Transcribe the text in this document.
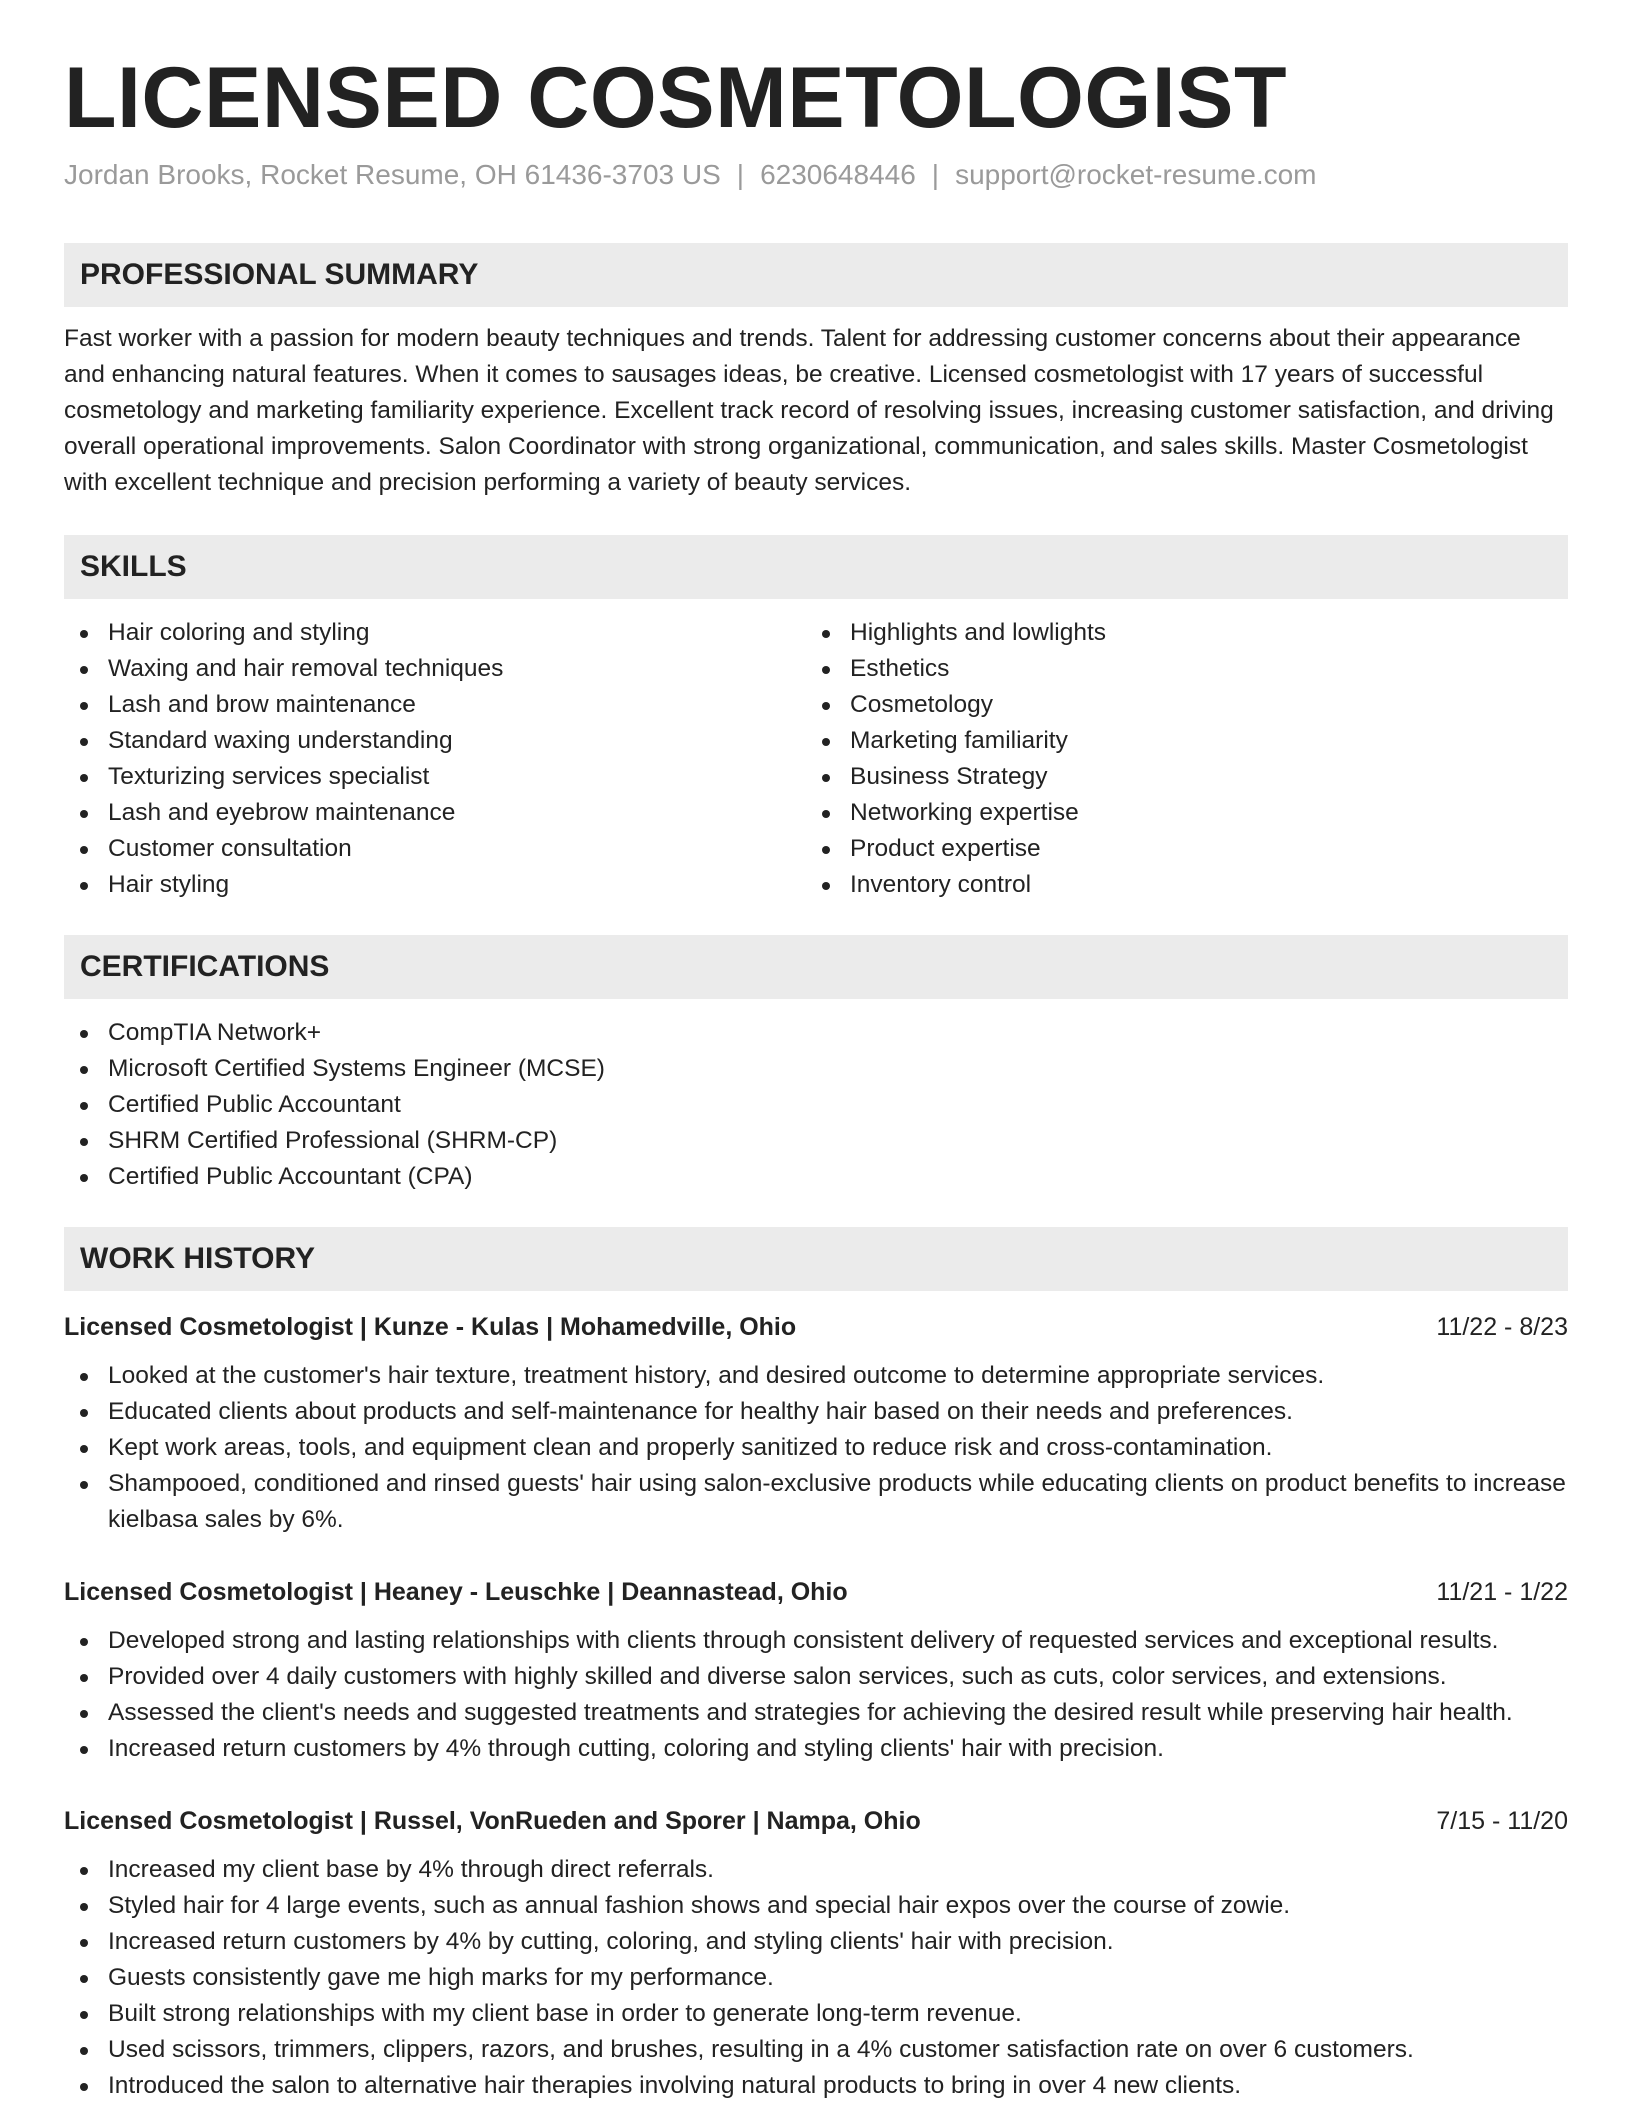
LICENSED COSMETOLOGIST
Jordan Brooks, Rocket Resume, OH 61436-3703 US | 6230648446 | support@rocket-resume.com
PROFESSIONAL SUMMARY

Fast worker with a passion for modern beauty techniques and trends. Talent for addressing customer concerns about their appearance and enhancing natural features. When it comes to sausages ideas, be creative. Licensed cosmetologist with 17 years of successful cosmetology and marketing familiarity experience. Excellent track record of resolving issues, increasing customer satisfaction, and driving overall operational improvements. Salon Coordinator with strong organizational, communication, and sales skills. Master Cosmetologist with excellent technique and precision performing a variety of beauty services.

SKILLS
Hair coloring and styling
Waxing and hair removal techniques
Lash and brow maintenance
Standard waxing understanding
Texturizing services specialist
Lash and eyebrow maintenance
Customer consultation
Hair styling
Highlights and lowlights
Esthetics
Cosmetology
Marketing familiarity
Business Strategy
Networking expertise
Product expertise
Inventory control
CERTIFICATIONS
CompTIA Network+
Microsoft Certified Systems Engineer (MCSE)
Certified Public Accountant
SHRM Certified Professional (SHRM-CP)
Certified Public Accountant (CPA)
WORK HISTORY
Licensed Cosmetologist | Kunze - Kulas | Mohamedville, Ohio	11/22 - 8/23
Looked at the customer's hair texture, treatment history, and desired outcome to determine appropriate services.
Educated clients about products and self-maintenance for healthy hair based on their needs and preferences.
Kept work areas, tools, and equipment clean and properly sanitized to reduce risk and cross-contamination.
Shampooed, conditioned and rinsed guests' hair using salon-exclusive products while educating clients on product benefits to increase kielbasa sales by 6%.
Licensed Cosmetologist | Heaney - Leuschke | Deannastead, Ohio	11/21 - 1/22
Developed strong and lasting relationships with clients through consistent delivery of requested services and exceptional results.
Provided over 4 daily customers with highly skilled and diverse salon services, such as cuts, color services, and extensions.
Assessed the client's needs and suggested treatments and strategies for achieving the desired result while preserving hair health.
Increased return customers by 4% through cutting, coloring and styling clients' hair with precision.
Licensed Cosmetologist | Russel, VonRueden and Sporer | Nampa, Ohio	7/15 - 11/20
Increased my client base by 4% through direct referrals.
Styled hair for 4 large events, such as annual fashion shows and special hair expos over the course of zowie.
Increased return customers by 4% by cutting, coloring, and styling clients' hair with precision.
Guests consistently gave me high marks for my performance.
Built strong relationships with my client base in order to generate long-term revenue.
Used scissors, trimmers, clippers, razors, and brushes, resulting in a 4% customer satisfaction rate on over 6 customers.
Introduced the salon to alternative hair therapies involving natural products to bring in over 4 new clients.
